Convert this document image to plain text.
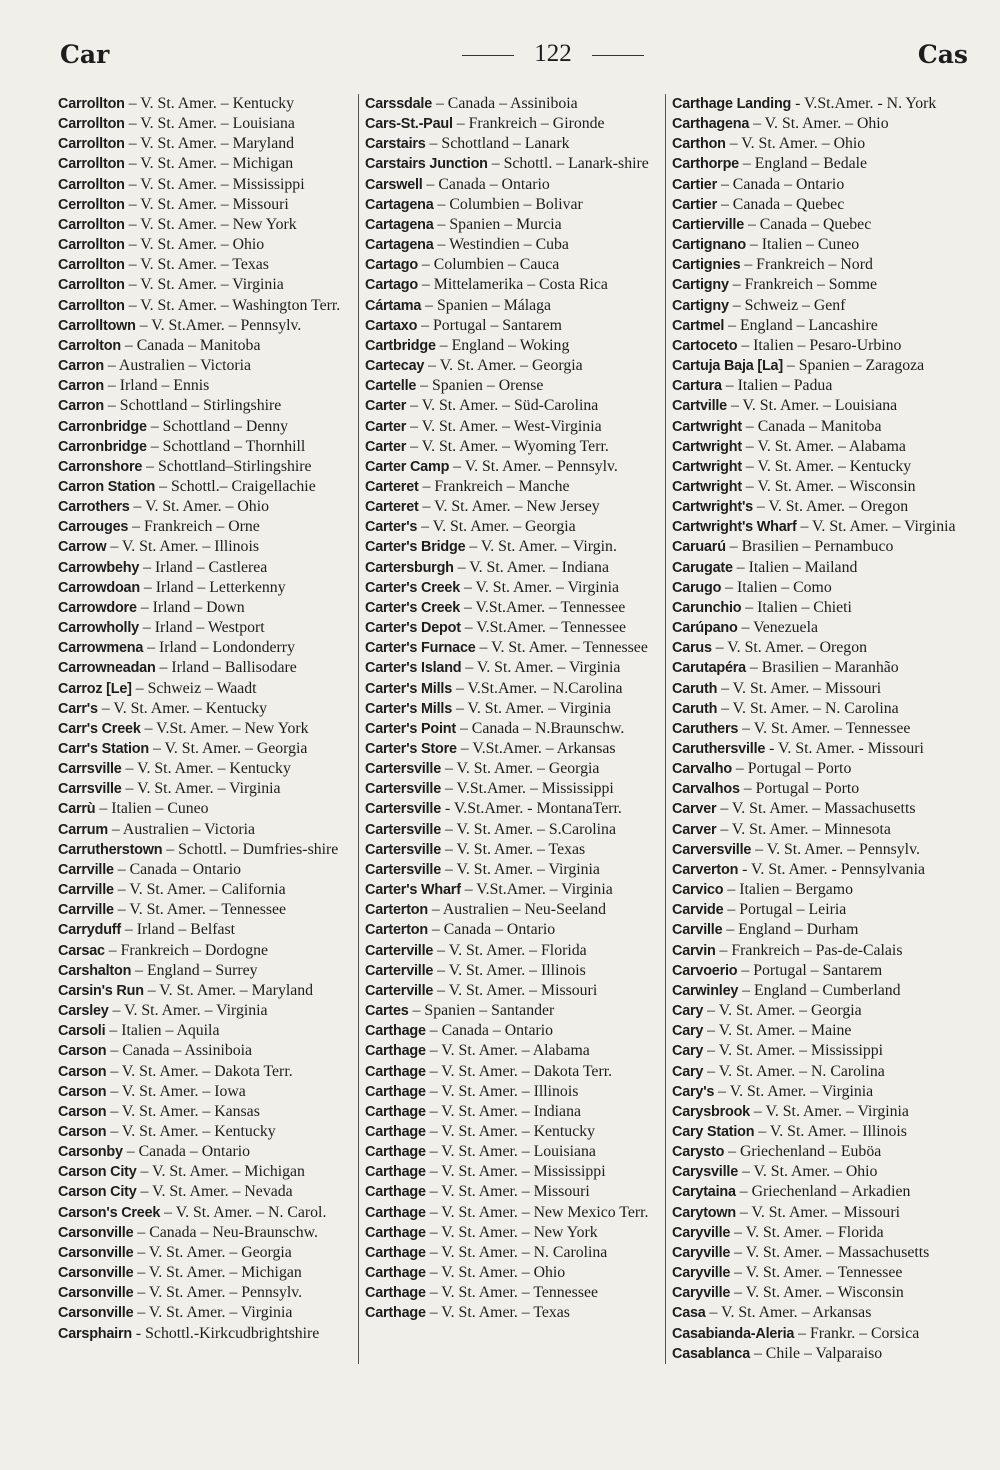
Car	122	Cas
Carrollton – V. St. Amer. – Kentucky
Carrollton – V. St. Amer. – Louisiana
Carrollton – V. St. Amer. – Maryland
Carrollton – V. St. Amer. – Michigan
Carrollton – V. St. Amer. – Mississippi
Cerrollton – V. St. Amer. – Missouri
Carrollton – V. St. Amer. – New York
Carrollton – V. St. Amer. – Ohio
Carrollton – V. St. Amer. – Texas
Carrollton – V. St. Amer. – Virginia
Carrollton – V. St. Amer. – Washington Terr.
Carrolltown – V. St.Amer. – Pennsylv.
Carrolton – Canada – Manitoba
Carron – Australien – Victoria
Carron – Irland – Ennis
Carron – Schottland – Stirlingshire
Carronbridge – Schottland – Denny
Carronbridge – Schottland – Thornhill
Carronshore – Schottland–Stirlingshire
Carron Station – Schottl.– Craigellachie
Carrothers – V. St. Amer. – Ohio
Carrouges – Frankreich – Orne
Carrow – V. St. Amer. – Illinois
Carrowbehy – Irland – Castlerea
Carrowdoan – Irland – Letterkenny
Carrowdore – Irland – Down
Carrowholly – Irland – Westport
Carrowmena – Irland – Londonderry
Carrowneadan – Irland – Ballisodare
Carroz [Le] – Schweiz – Waadt
Carr's – V. St. Amer. – Kentucky
Carr's Creek – V.St. Amer. – New York
Carr's Station – V. St. Amer. – Georgia
Carrsville – V. St. Amer. – Kentucky
Carrsville – V. St. Amer. – Virginia
Carrù – Italien – Cuneo
Carrum – Australien – Victoria
Carrutherstown – Schottl. – Dumfries-shire
Carrville – Canada – Ontario
Carrville – V. St. Amer. – California
Carrville – V. St. Amer. – Tennessee
Carryduff – Irland – Belfast
Carsac – Frankreich – Dordogne
Carshalton – England – Surrey
Carsin's Run – V. St. Amer. – Maryland
Carsley – V. St. Amer. – Virginia
Carsoli – Italien – Aquila
Carson – Canada – Assiniboia
Carson – V. St. Amer. – Dakota Terr.
Carson – V. St. Amer. – Iowa
Carson – V. St. Amer. – Kansas
Carson – V. St. Amer. – Kentucky
Carsonby – Canada – Ontario
Carson City – V. St. Amer. – Michigan
Carson City – V. St. Amer. – Nevada
Carson's Creek – V. St. Amer. – N. Carol.
Carsonville – Canada – Neu-Braunschw.
Carsonville – V. St. Amer. – Georgia
Carsonville – V. St. Amer. – Michigan
Carsonville – V. St. Amer. – Pennsylv.
Carsonville – V. St. Amer. – Virginia
Carsphairn - Schottl.-Kirkcudbrightshire
Carssdale – Canada – Assiniboia
Cars-St.-Paul – Frankreich – Gironde
Carstairs – Schottland – Lanark
Carstairs Junction – Schottl. – Lanark-shire
Carswell – Canada – Ontario
Cartagena – Columbien – Bolivar
Cartagena – Spanien – Murcia
Cartagena – Westindien – Cuba
Cartago – Columbien – Cauca
Cartago – Mittelamerika – Costa Rica
Cártama – Spanien – Málaga
Cartaxo – Portugal – Santarem
Cartbridge – England – Woking
Cartecay – V. St. Amer. – Georgia
Cartelle – Spanien – Orense
Carter – V. St. Amer. – Süd-Carolina
Carter – V. St. Amer. – West-Virginia
Carter – V. St. Amer. – Wyoming Terr.
Carter Camp – V. St. Amer. – Pennsylv.
Carteret – Frankreich – Manche
Carteret – V. St. Amer. – New Jersey
Carter's – V. St. Amer. – Georgia
Carter's Bridge – V. St. Amer. – Virgin.
Cartersburgh – V. St. Amer. – Indiana
Carter's Creek – V. St. Amer. – Virginia
Carter's Creek – V.St.Amer. – Tennessee
Carter's Depot – V.St.Amer. – Tennessee
Carter's Furnace – V. St. Amer. – Tennessee
Carter's Island – V. St. Amer. – Virginia
Carter's Mills – V.St.Amer. – N.Carolina
Carter's Mills – V. St. Amer. – Virginia
Carter's Point – Canada – N.Braunschw.
Carter's Store – V.St.Amer. – Arkansas
Cartersville – V. St. Amer. – Georgia
Cartersville – V.St.Amer. – Mississippi
Cartersville - V.St.Amer. - MontanaTerr.
Cartersville – V. St. Amer. – S.Carolina
Cartersville – V. St. Amer. – Texas
Cartersville – V. St. Amer. – Virginia
Carter's Wharf – V.St.Amer. – Virginia
Carterton – Australien – Neu-Seeland
Carterton – Canada – Ontario
Carterville – V. St. Amer. – Florida
Carterville – V. St. Amer. – Illinois
Carterville – V. St. Amer. – Missouri
Cartes – Spanien – Santander
Carthage – Canada – Ontario
Carthage – V. St. Amer. – Alabama
Carthage – V. St. Amer. – Dakota Terr.
Carthage – V. St. Amer. – Illinois
Carthage – V. St. Amer. – Indiana
Carthage – V. St. Amer. – Kentucky
Carthage – V. St. Amer. – Louisiana
Carthage – V. St. Amer. – Mississippi
Carthage – V. St. Amer. – Missouri
Carthage – V. St. Amer. – New Mexico Terr.
Carthage – V. St. Amer. – New York
Carthage – V. St. Amer. – N. Carolina
Carthage – V. St. Amer. – Ohio
Carthage – V. St. Amer. – Tennessee
Carthage – V. St. Amer. – Texas
Carthage Landing - V.St.Amer. - N. York
Carthagena – V. St. Amer. – Ohio
Carthon – V. St. Amer. – Ohio
Carthorpe – England – Bedale
Cartier – Canada – Ontario
Cartier – Canada – Quebec
Cartierville – Canada – Quebec
Cartignano – Italien – Cuneo
Cartignies – Frankreich – Nord
Cartigny – Frankreich – Somme
Cartigny – Schweiz – Genf
Cartmel – England – Lancashire
Cartoceto – Italien – Pesaro-Urbino
Cartuja Baja [La] – Spanien – Zaragoza
Cartura – Italien – Padua
Cartville – V. St. Amer. – Louisiana
Cartwright – Canada – Manitoba
Cartwright – V. St. Amer. – Alabama
Cartwright – V. St. Amer. – Kentucky
Cartwright – V. St. Amer. – Wisconsin
Cartwright's – V. St. Amer. – Oregon
Cartwright's Wharf – V. St. Amer. – Virginia
Caruarú – Brasilien – Pernambuco
Carugate – Italien – Mailand
Carugo – Italien – Como
Carunchio – Italien – Chieti
Carúpano – Venezuela
Carus – V. St. Amer. – Oregon
Carutapéra – Brasilien – Maranhão
Caruth – V. St. Amer. – Missouri
Caruth – V. St. Amer. – N. Carolina
Caruthers – V. St. Amer. – Tennessee
Caruthersville - V. St. Amer. - Missouri
Carvalho – Portugal – Porto
Carvalhos – Portugal – Porto
Carver – V. St. Amer. – Massachusetts
Carver – V. St. Amer. – Minnesota
Carversville – V. St. Amer. – Pennsylv.
Carverton - V. St. Amer. - Pennsylvania
Carvico – Italien – Bergamo
Carvide – Portugal – Leiria
Carville – England – Durham
Carvin – Frankreich – Pas-de-Calais
Carvoerio – Portugal – Santarem
Carwinley – England – Cumberland
Cary – V. St. Amer. – Georgia
Cary – V. St. Amer. – Maine
Cary – V. St. Amer. – Mississippi
Cary – V. St. Amer. – N. Carolina
Cary's – V. St. Amer. – Virginia
Carysbrook – V. St. Amer. – Virginia
Cary Station – V. St. Amer. – Illinois
Carysto – Griechenland – Euböa
Carysville – V. St. Amer. – Ohio
Carytaina – Griechenland – Arkadien
Carytown – V. St. Amer. – Missouri
Caryville – V. St. Amer. – Florida
Caryville – V. St. Amer. – Massachusetts
Caryville – V. St. Amer. – Tennessee
Caryville – V. St. Amer. – Wisconsin
Casa – V. St. Amer. – Arkansas
Casabianda-Aleria – Frankr. – Corsica
Casablanca – Chile – Valparaiso
